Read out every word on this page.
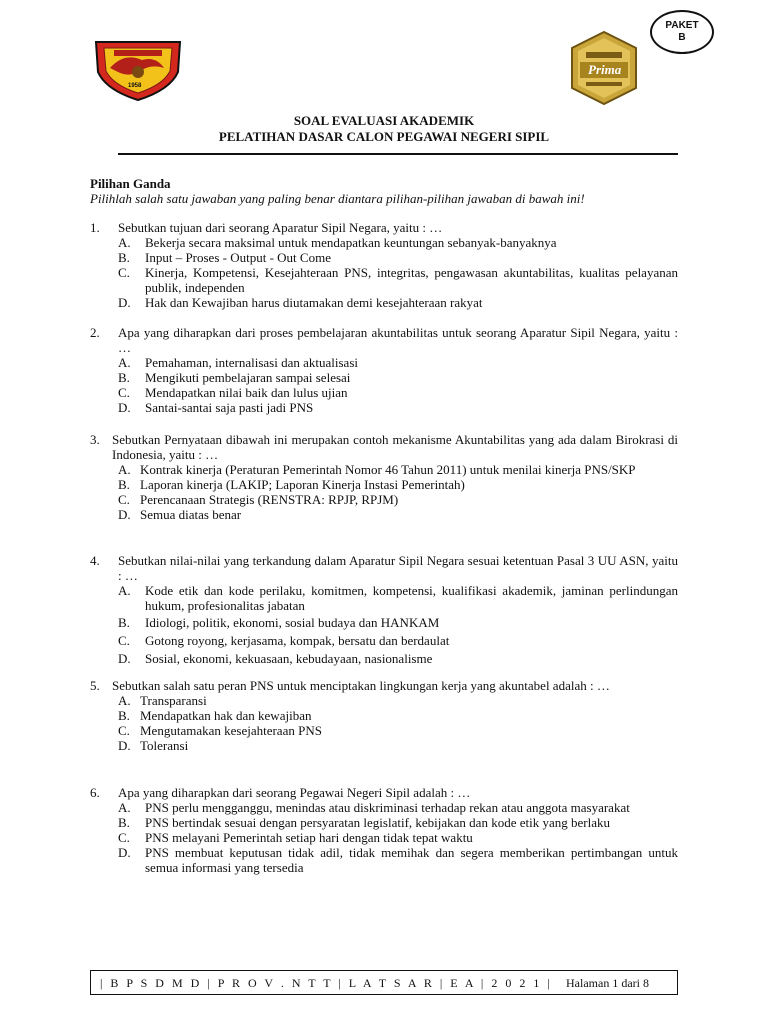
1958
Prima
PAKET
B
SOAL EVALUASI AKADEMIK
PELATIHAN DASAR CALON PEGAWAI NEGERI SIPIL
Pilihan Ganda
Pilihlah salah satu jawaban yang paling benar diantara pilihan-pilihan jawaban di bawah ini!
1.	Sebutkan tujuan dari seorang Aparatur Sipil Negara, yaitu : …
A.	Bekerja secara maksimal untuk mendapatkan keuntungan sebanyak-banyaknya
B.	Input – Proses - Output - Out Come
C.	Kinerja, Kompetensi, Kesejahteraan PNS, integritas, pengawasan akuntabilitas, kualitas pelayanan publik, independen
D.	Hak dan Kewajiban harus diutamakan demi kesejahteraan rakyat
2.	Apa yang diharapkan dari proses pembelajaran akuntabilitas untuk seorang Aparatur Sipil Negara, yaitu : …
A.	Pemahaman, internalisasi dan aktualisasi
B.	Mengikuti pembelajaran sampai selesai
C.	Mendapatkan nilai baik dan lulus ujian
D.	Santai-santai saja pasti jadi PNS
3. Sebutkan Pernyataan dibawah ini merupakan contoh mekanisme Akuntabilitas yang ada dalam Birokrasi di Indonesia, yaitu : …
A. Kontrak kinerja (Peraturan Pemerintah Nomor 46 Tahun 2011) untuk menilai kinerja PNS/SKP
B. Laporan kinerja (LAKIP; Laporan Kinerja Instasi Pemerintah)
C. Perencanaan Strategis (RENSTRA: RPJP, RPJM)
D. Semua diatas benar
4.	Sebutkan nilai-nilai yang terkandung dalam Aparatur Sipil Negara sesuai ketentuan Pasal 3 UU ASN, yaitu : …
A.	Kode etik dan kode perilaku, komitmen, kompetensi, kualifikasi akademik, jaminan perlindungan hukum, profesionalitas jabatan
B.	Idiologi, politik, ekonomi, sosial budaya dan HANKAM
C.	Gotong royong, kerjasama, kompak, bersatu dan berdaulat
D.	Sosial, ekonomi, kekuasaan, kebudayaan, nasionalisme
5. Sebutkan salah satu peran PNS untuk menciptakan lingkungan kerja yang akuntabel adalah : …
A. Transparansi
B. Mendapatkan hak dan kewajiban
C. Mengutamakan kesejahteraan PNS
D. Toleransi
6.	Apa yang diharapkan dari seorang Pegawai Negeri Sipil adalah : …
A.	PNS perlu mengganggu, menindas atau diskriminasi terhadap rekan atau anggota masyarakat
B.	PNS bertindak sesuai dengan persyaratan legislatif, kebijakan dan kode etik yang berlaku
C.	PNS melayani Pemerintah setiap hari dengan tidak tepat waktu
D.	PNS membuat keputusan tidak adil, tidak memihak dan segera memberikan pertimbangan untuk semua informasi yang tersedia
| B P S D M D | P R O V . N T T | L A T S A R | E A | 2 0 2 1 | Halaman 1 dari 8
